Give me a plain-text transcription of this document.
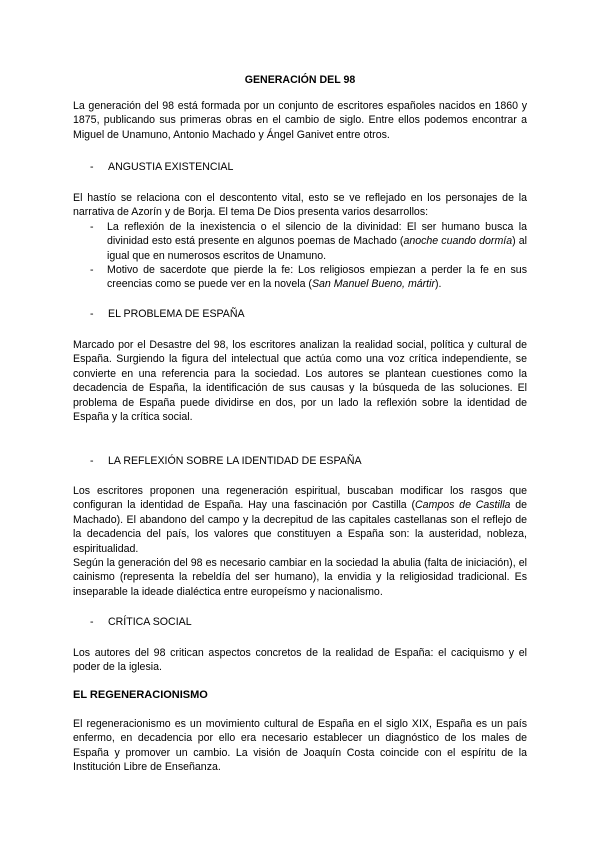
GENERACIÓN DEL 98

La generación del 98 está formada por un conjunto de escritores españoles nacidos en 1860 y 1875, publicando sus primeras obras en el cambio de siglo. Entre ellos podemos encontrar a Miguel de Unamuno, Antonio Machado y Ángel Ganivet entre otros.

- ANGUSTIA EXISTENCIAL

El hastío se relaciona con el descontento vital, esto se ve reflejado en los personajes de la narrativa de Azorín y de Borja. El tema De Dios presenta varios desarrollos:

- La reflexión de la inexistencia o el silencio de la divinidad: El ser humano busca la divinidad esto está presente en algunos poemas de Machado (anoche cuando dormía) al igual que en numerosos escritos de Unamuno.
- Motivo de sacerdote que pierde la fe: Los religiosos empiezan a perder la fe en sus creencias como se puede ver en la novela (San Manuel Bueno, mártir).
- EL PROBLEMA DE ESPAÑA

Marcado por el Desastre del 98, los escritores analizan la realidad social, política y cultural de España. Surgiendo la figura del intelectual que actúa como una voz crítica independiente, se convierte en una referencia para la sociedad. Los autores se plantean cuestiones como la decadencia de España, la identificación de sus causas y la búsqueda de las soluciones. El problema de España puede dividirse en dos, por un lado la reflexión sobre la identidad de España y la crítica social.

- LA REFLEXIÓN SOBRE LA IDENTIDAD DE ESPAÑA

Los escritores proponen una regeneración espiritual, buscaban modificar los rasgos que configuran la identidad de España. Hay una fascinación por Castilla (Campos de Castilla de Machado). El abandono del campo y la decrepitud de las capitales castellanas son el reflejo de la decadencia del país, los valores que constituyen a España son: la austeridad, nobleza, espiritualidad.

Según la generación del 98 es necesario cambiar en la sociedad la abulia (falta de iniciación), el cainismo (representa la rebeldía del ser humano), la envidia y la religiosidad tradicional. Es inseparable la ideade dialéctica entre europeísmo y nacionalismo.

- CRÍTICA SOCIAL

Los autores del 98 critican aspectos concretos de la realidad de España: el caciquismo y el poder de la iglesia.

EL REGENERACIONISMO

El regeneracionismo es un movimiento cultural de España en el siglo XIX, España es un país enfermo, en decadencia por ello era necesario establecer un diagnóstico de los males de España y promover un cambio. La visión de Joaquín Costa coincide con el espíritu de la Institución Libre de Enseñanza.
